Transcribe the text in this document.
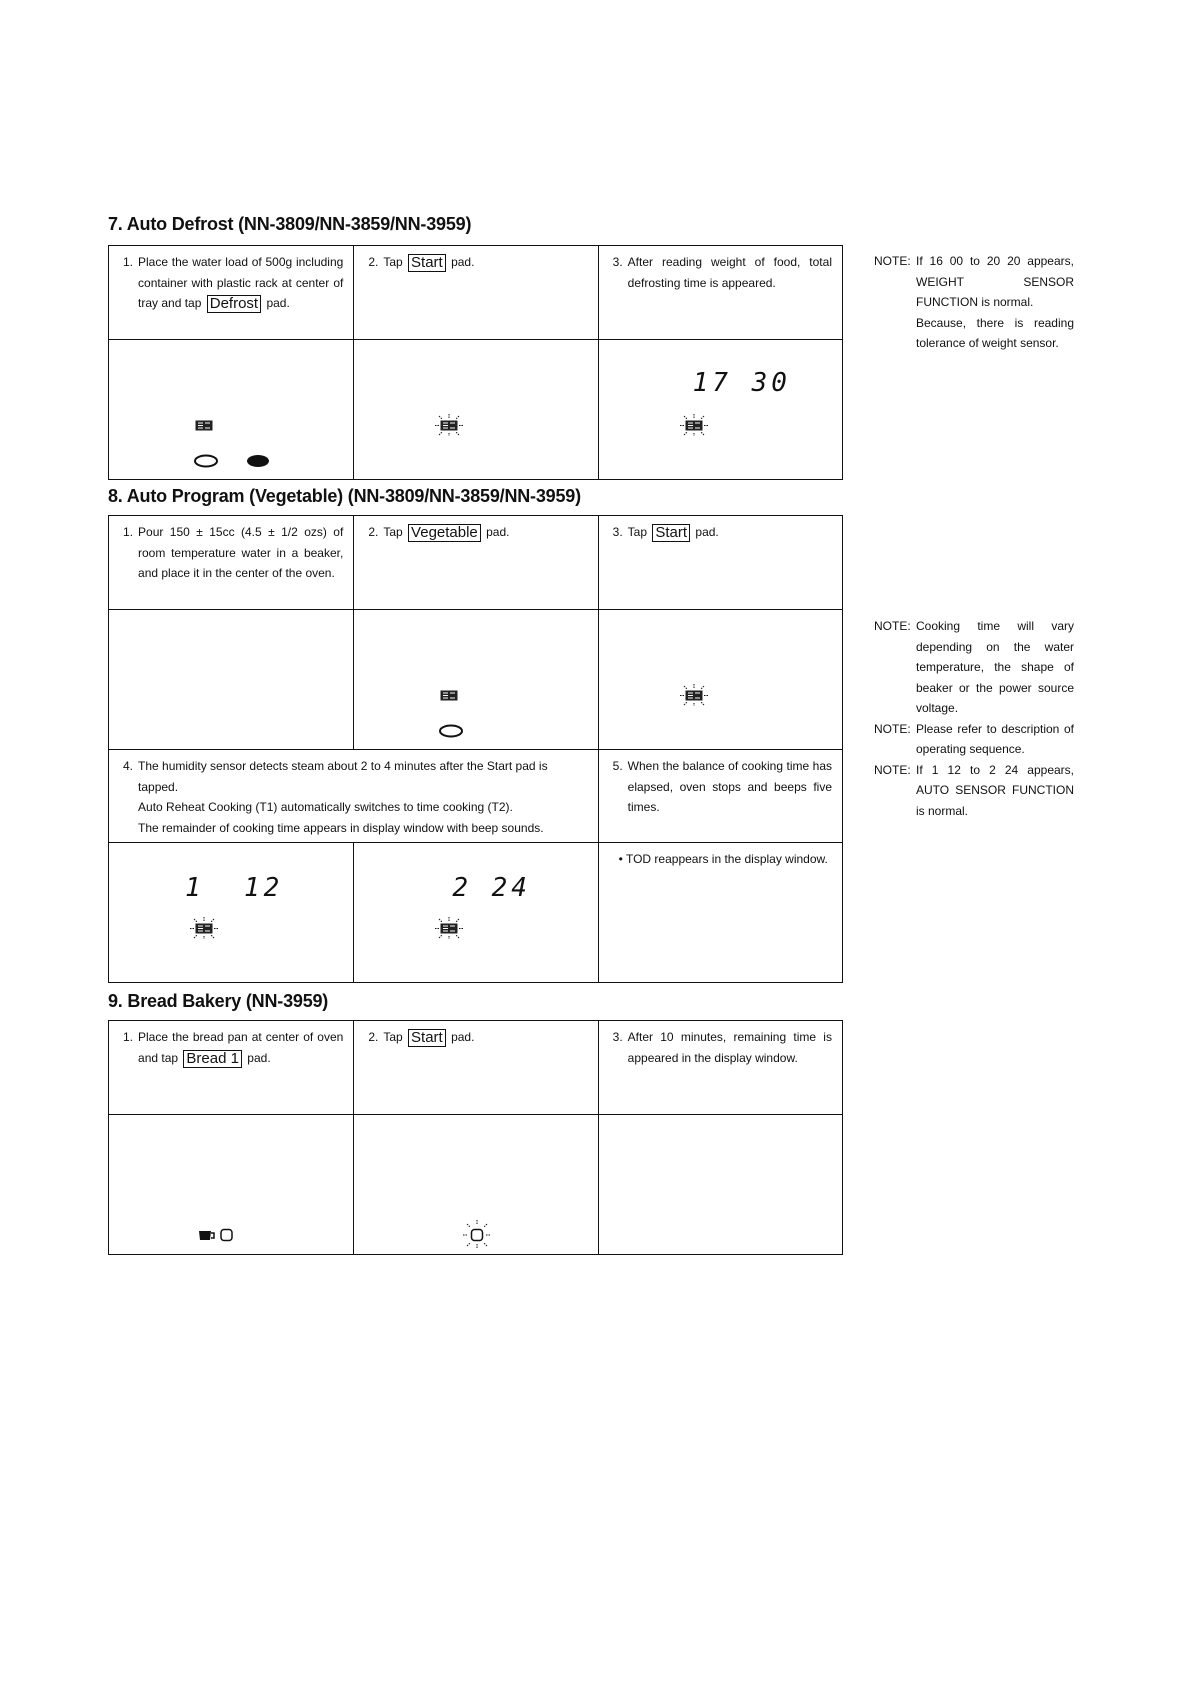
7. Auto Defrost (NN-3809/NN-3859/NN-3959)
1. Place the water load of 500g including container with plastic rack at center of tray and tap Defrost pad.
2. Tap Start pad.	3. After reading weight of food, total defrosting time is appeared.
17 30
NOTE: If 16 00 to 20 20 appears, WEIGHT SENSOR FUNCTION is normal.
Because, there is reading tolerance of weight sensor.
8. Auto Program (Vegetable) (NN-3809/NN-3859/NN-3959)
1. Pour 150 ± 15cc (4.5 ± 1/2 ozs) of room temperature water in a beaker, and place it in the center of the oven.
2. Tap Vegetable pad.	3. Tap Start pad.
4. The humidity sensor detects steam about 2 to 4 minutes after the Start pad is tapped.
Auto Reheat Cooking (T1) automatically switches to time cooking (T2).
The remainder of cooking time appears in display window with beep sounds.
5. When the balance of cooking time has elapsed, oven stops and beeps five times.
1  12	2 24
• TOD reappears in the display window.
NOTE: Cooking time will vary depending on the water temperature, the shape of beaker or the power source voltage.
NOTE: Please refer to description of operating sequence.
NOTE: If 1 12 to 2 24 appears, AUTO SENSOR FUNCTION is normal.
9. Bread Bakery (NN-3959)
1. Place the bread pan at center of oven and tap Bread 1 pad.
2. Tap Start pad.	3. After 10 minutes, remaining time is appeared in the display window.
